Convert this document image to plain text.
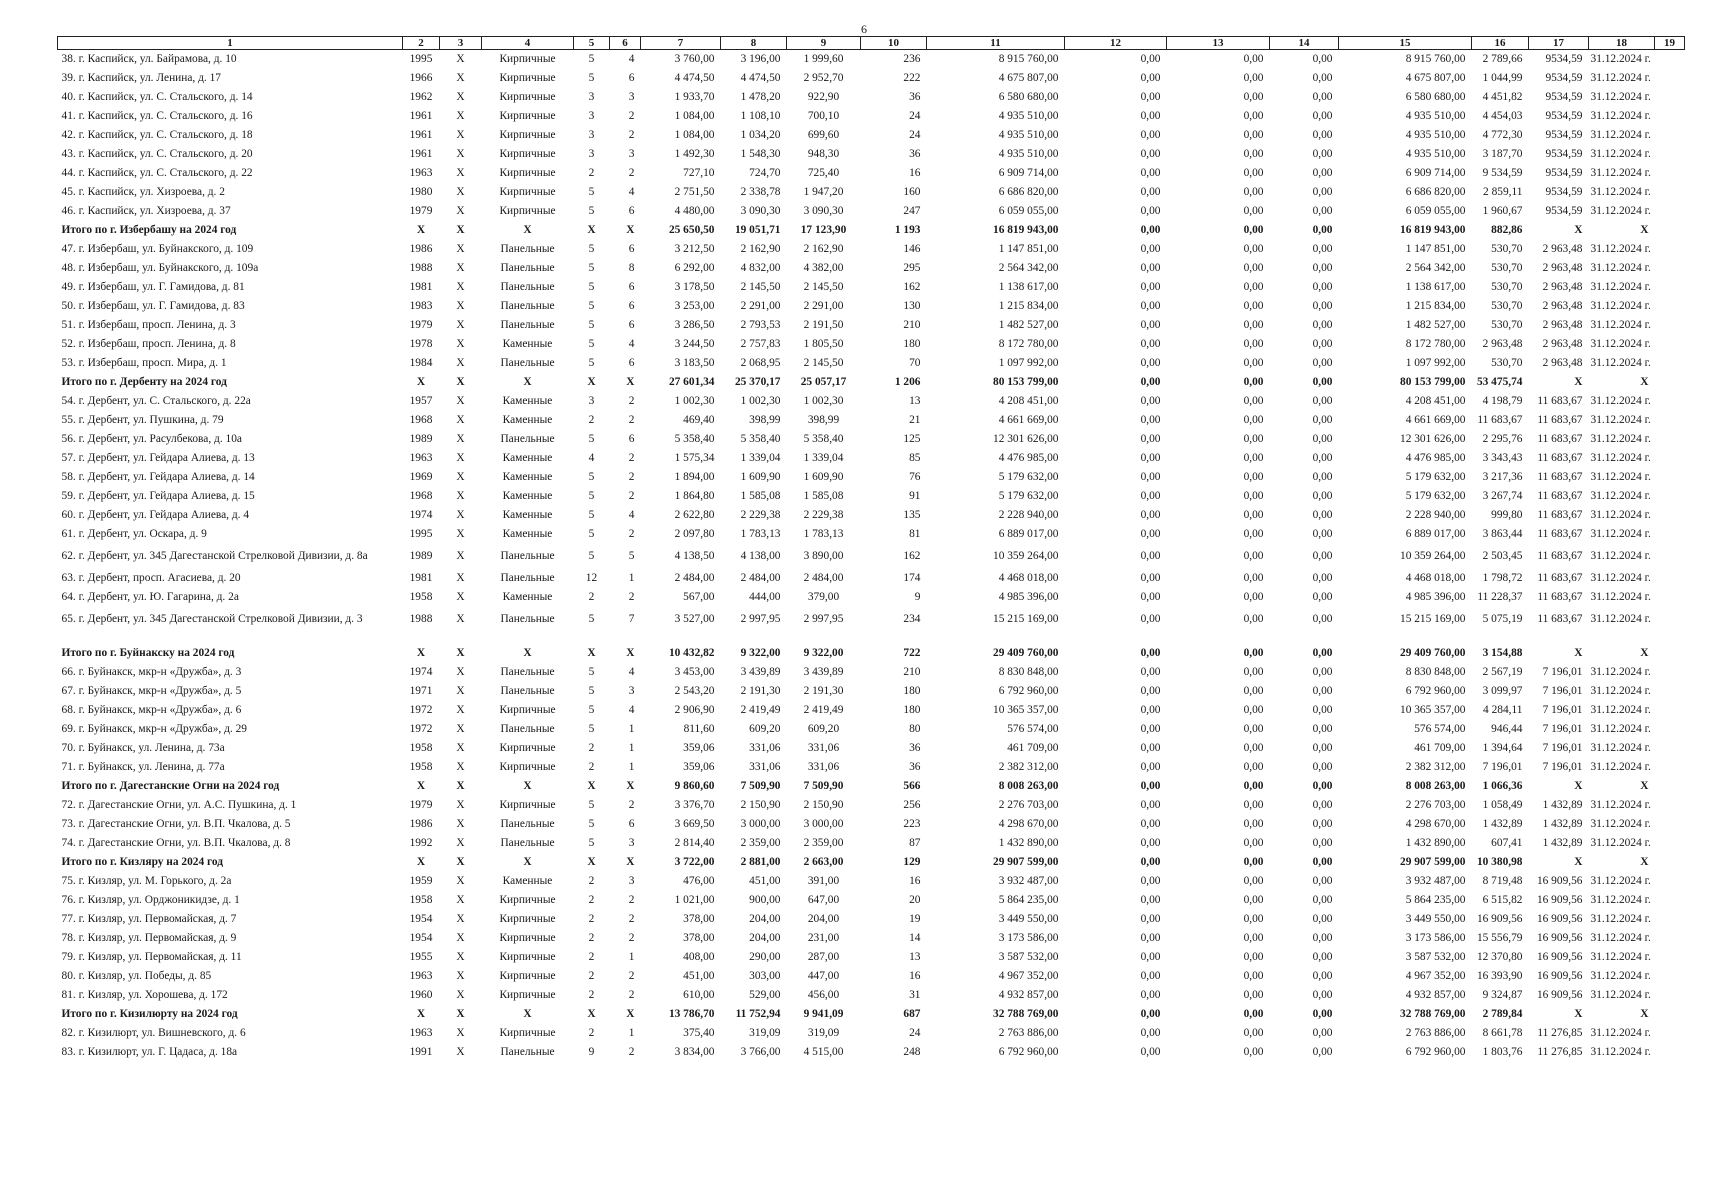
6
1	2	3	4	5	6	7	8	9	10	11	12	13	14	15	16	17	18	19
38. г. Каспийск, ул. Байрамова, д. 10	1995	Х	Кирпичные	5	4	3 760,00	3 196,00	1 999,60	236	8 915 760,00	0,00	0,00	0,00	8 915 760,00	2 789,66	9534,59	31.12.2024 г.	
39. г. Каспийск, ул. Ленина, д. 17	1966	Х	Кирпичные	5	6	4 474,50	4 474,50	2 952,70	222	4 675 807,00	0,00	0,00	0,00	4 675 807,00	1 044,99	9534,59	31.12.2024 г.	
40. г. Каспийск, ул. С. Стальского, д. 14	1962	Х	Кирпичные	3	3	1 933,70	1 478,20	922,90	36	6 580 680,00	0,00	0,00	0,00	6 580 680,00	4 451,82	9534,59	31.12.2024 г.	
41. г. Каспийск, ул. С. Стальского, д. 16	1961	Х	Кирпичные	3	2	1 084,00	1 108,10	700,10	24	4 935 510,00	0,00	0,00	0,00	4 935 510,00	4 454,03	9534,59	31.12.2024 г.	
42. г. Каспийск, ул. С. Стальского, д. 18	1961	Х	Кирпичные	3	2	1 084,00	1 034,20	699,60	24	4 935 510,00	0,00	0,00	0,00	4 935 510,00	4 772,30	9534,59	31.12.2024 г.	
43. г. Каспийск, ул. С. Стальского, д. 20	1961	Х	Кирпичные	3	3	1 492,30	1 548,30	948,30	36	4 935 510,00	0,00	0,00	0,00	4 935 510,00	3 187,70	9534,59	31.12.2024 г.	
44. г. Каспийск, ул. С. Стальского, д. 22	1963	Х	Кирпичные	2	2	727,10	724,70	725,40	16	6 909 714,00	0,00	0,00	0,00	6 909 714,00	9 534,59	9534,59	31.12.2024 г.	
45. г. Каспийск, ул. Хизроева, д. 2	1980	Х	Кирпичные	5	4	2 751,50	2 338,78	1 947,20	160	6 686 820,00	0,00	0,00	0,00	6 686 820,00	2 859,11	9534,59	31.12.2024 г.	
46. г. Каспийск, ул. Хизроева, д. 37	1979	Х	Кирпичные	5	6	4 480,00	3 090,30	3 090,30	247	6 059 055,00	0,00	0,00	0,00	6 059 055,00	1 960,67	9534,59	31.12.2024 г.	
Итого по г. Избербашу на 2024 год	Х	Х	Х	Х	Х	25 650,50	19 051,71	17 123,90	1 193	16 819 943,00	0,00	0,00	0,00	16 819 943,00	882,86	Х	Х	
47. г. Избербаш, ул. Буйнакского, д. 109	1986	Х	Панельные	5	6	3 212,50	2 162,90	2 162,90	146	1 147 851,00	0,00	0,00	0,00	1 147 851,00	530,70	2 963,48	31.12.2024 г.	
48. г. Избербаш, ул. Буйнакского, д. 109а	1988	Х	Панельные	5	8	6 292,00	4 832,00	4 382,00	295	2 564 342,00	0,00	0,00	0,00	2 564 342,00	530,70	2 963,48	31.12.2024 г.	
49. г. Избербаш, ул. Г. Гамидова, д. 81	1981	Х	Панельные	5	6	3 178,50	2 145,50	2 145,50	162	1 138 617,00	0,00	0,00	0,00	1 138 617,00	530,70	2 963,48	31.12.2024 г.	
50. г. Избербаш, ул. Г. Гамидова, д. 83	1983	Х	Панельные	5	6	3 253,00	2 291,00	2 291,00	130	1 215 834,00	0,00	0,00	0,00	1 215 834,00	530,70	2 963,48	31.12.2024 г.	
51. г. Избербаш, просп. Ленина, д. 3	1979	Х	Панельные	5	6	3 286,50	2 793,53	2 191,50	210	1 482 527,00	0,00	0,00	0,00	1 482 527,00	530,70	2 963,48	31.12.2024 г.	
52. г. Избербаш, просп. Ленина, д. 8	1978	Х	Каменные	5	4	3 244,50	2 757,83	1 805,50	180	8 172 780,00	0,00	0,00	0,00	8 172 780,00	2 963,48	2 963,48	31.12.2024 г.	
53. г. Избербаш, просп. Мира, д. 1	1984	Х	Панельные	5	6	3 183,50	2 068,95	2 145,50	70	1 097 992,00	0,00	0,00	0,00	1 097 992,00	530,70	2 963,48	31.12.2024 г.	
Итого по г. Дербенту на 2024 год	Х	Х	Х	Х	Х	27 601,34	25 370,17	25 057,17	1 206	80 153 799,00	0,00	0,00	0,00	80 153 799,00	53 475,74	Х	Х	
54. г. Дербент, ул. С. Стальского, д. 22а	1957	Х	Каменные	3	2	1 002,30	1 002,30	1 002,30	13	4 208 451,00	0,00	0,00	0,00	4 208 451,00	4 198,79	11 683,67	31.12.2024 г.	
55. г. Дербент, ул. Пушкина, д. 79	1968	Х	Каменные	2	2	469,40	398,99	398,99	21	4 661 669,00	0,00	0,00	0,00	4 661 669,00	11 683,67	11 683,67	31.12.2024 г.	
56. г. Дербент, ул. Расулбекова, д. 10а	1989	Х	Панельные	5	6	5 358,40	5 358,40	5 358,40	125	12 301 626,00	0,00	0,00	0,00	12 301 626,00	2 295,76	11 683,67	31.12.2024 г.	
57. г. Дербент, ул. Гейдара Алиева, д. 13	1963	Х	Каменные	4	2	1 575,34	1 339,04	1 339,04	85	4 476 985,00	0,00	0,00	0,00	4 476 985,00	3 343,43	11 683,67	31.12.2024 г.	
58. г. Дербент, ул. Гейдара Алиева, д. 14	1969	Х	Каменные	5	2	1 894,00	1 609,90	1 609,90	76	5 179 632,00	0,00	0,00	0,00	5 179 632,00	3 217,36	11 683,67	31.12.2024 г.	
59. г. Дербент, ул. Гейдара Алиева, д. 15	1968	Х	Каменные	5	2	1 864,80	1 585,08	1 585,08	91	5 179 632,00	0,00	0,00	0,00	5 179 632,00	3 267,74	11 683,67	31.12.2024 г.	
60. г. Дербент, ул. Гейдара Алиева, д. 4	1974	Х	Каменные	5	4	2 622,80	2 229,38	2 229,38	135	2 228 940,00	0,00	0,00	0,00	2 228 940,00	999,80	11 683,67	31.12.2024 г.	
61. г. Дербент, ул. Оскара, д. 9	1995	Х	Каменные	5	2	2 097,80	1 783,13	1 783,13	81	6 889 017,00	0,00	0,00	0,00	6 889 017,00	3 863,44	11 683,67	31.12.2024 г.	
62. г. Дербент, ул. 345 Дагестанской Стрелковой Дивизии, д. 8а	1989	Х	Панельные	5	5	4 138,50	4 138,00	3 890,00	162	10 359 264,00	0,00	0,00	0,00	10 359 264,00	2 503,45	11 683,67	31.12.2024 г.	
63. г. Дербент, просп. Агасиева, д. 20	1981	Х	Панельные	12	1	2 484,00	2 484,00	2 484,00	174	4 468 018,00	0,00	0,00	0,00	4 468 018,00	1 798,72	11 683,67	31.12.2024 г.	
64. г. Дербент, ул. Ю. Гагарина, д. 2а	1958	Х	Каменные	2	2	567,00	444,00	379,00	9	4 985 396,00	0,00	0,00	0,00	4 985 396,00	11 228,37	11 683,67	31.12.2024 г.	
65. г. Дербент, ул. 345 Дагестанской Стрелковой Дивизии, д. 3	1988	Х	Панельные	5	7	3 527,00	2 997,95	2 997,95	234	15 215 169,00	0,00	0,00	0,00	15 215 169,00	5 075,19	11 683,67	31.12.2024 г.	

Итого по г. Буйнакску на 2024 год	Х	Х	Х	Х	Х	10 432,82	9 322,00	9 322,00	722	29 409 760,00	0,00	0,00	0,00	29 409 760,00	3 154,88	Х	Х	
66. г. Буйнакск, мкр-н «Дружба», д. 3	1974	Х	Панельные	5	4	3 453,00	3 439,89	3 439,89	210	8 830 848,00	0,00	0,00	0,00	8 830 848,00	2 567,19	7 196,01	31.12.2024 г.	
67. г. Буйнакск, мкр-н «Дружба», д. 5	1971	Х	Панельные	5	3	2 543,20	2 191,30	2 191,30	180	6 792 960,00	0,00	0,00	0,00	6 792 960,00	3 099,97	7 196,01	31.12.2024 г.	
68. г. Буйнакск, мкр-н «Дружба», д. 6	1972	Х	Кирпичные	5	4	2 906,90	2 419,49	2 419,49	180	10 365 357,00	0,00	0,00	0,00	10 365 357,00	4 284,11	7 196,01	31.12.2024 г.	
69. г. Буйнакск, мкр-н «Дружба», д. 29	1972	Х	Панельные	5	1	811,60	609,20	609,20	80	576 574,00	0,00	0,00	0,00	576 574,00	946,44	7 196,01	31.12.2024 г.	
70. г. Буйнакск, ул. Ленина, д. 73а	1958	Х	Кирпичные	2	1	359,06	331,06	331,06	36	461 709,00	0,00	0,00	0,00	461 709,00	1 394,64	7 196,01	31.12.2024 г.	
71. г. Буйнакск, ул. Ленина, д. 77а	1958	Х	Кирпичные	2	1	359,06	331,06	331,06	36	2 382 312,00	0,00	0,00	0,00	2 382 312,00	7 196,01	7 196,01	31.12.2024 г.	
Итого по г. Дагестанские Огни на 2024 год	Х	Х	Х	Х	Х	9 860,60	7 509,90	7 509,90	566	8 008 263,00	0,00	0,00	0,00	8 008 263,00	1 066,36	Х	Х	
72. г. Дагестанские Огни, ул. А.С. Пушкина, д. 1	1979	Х	Кирпичные	5	2	3 376,70	2 150,90	2 150,90	256	2 276 703,00	0,00	0,00	0,00	2 276 703,00	1 058,49	1 432,89	31.12.2024 г.	
73. г. Дагестанские Огни, ул. В.П. Чкалова, д. 5	1986	Х	Панельные	5	6	3 669,50	3 000,00	3 000,00	223	4 298 670,00	0,00	0,00	0,00	4 298 670,00	1 432,89	1 432,89	31.12.2024 г.	
74. г. Дагестанские Огни, ул. В.П. Чкалова, д. 8	1992	Х	Панельные	5	3	2 814,40	2 359,00	2 359,00	87	1 432 890,00	0,00	0,00	0,00	1 432 890,00	607,41	1 432,89	31.12.2024 г.	
Итого по г. Кизляру на 2024 год	Х	Х	Х	Х	Х	3 722,00	2 881,00	2 663,00	129	29 907 599,00	0,00	0,00	0,00	29 907 599,00	10 380,98	Х	Х	
75. г. Кизляр, ул. М. Горького, д. 2а	1959	Х	Каменные	2	3	476,00	451,00	391,00	16	3 932 487,00	0,00	0,00	0,00	3 932 487,00	8 719,48	16 909,56	31.12.2024 г.	
76. г. Кизляр, ул. Орджоникидзе, д. 1	1958	Х	Кирпичные	2	2	1 021,00	900,00	647,00	20	5 864 235,00	0,00	0,00	0,00	5 864 235,00	6 515,82	16 909,56	31.12.2024 г.	
77. г. Кизляр, ул. Первомайская, д. 7	1954	Х	Кирпичные	2	2	378,00	204,00	204,00	19	3 449 550,00	0,00	0,00	0,00	3 449 550,00	16 909,56	16 909,56	31.12.2024 г.	
78. г. Кизляр, ул. Первомайская, д. 9	1954	Х	Кирпичные	2	2	378,00	204,00	231,00	14	3 173 586,00	0,00	0,00	0,00	3 173 586,00	15 556,79	16 909,56	31.12.2024 г.	
79. г. Кизляр, ул. Первомайская, д. 11	1955	Х	Кирпичные	2	1	408,00	290,00	287,00	13	3 587 532,00	0,00	0,00	0,00	3 587 532,00	12 370,80	16 909,56	31.12.2024 г.	
80. г. Кизляр, ул. Победы, д. 85	1963	Х	Кирпичные	2	2	451,00	303,00	447,00	16	4 967 352,00	0,00	0,00	0,00	4 967 352,00	16 393,90	16 909,56	31.12.2024 г.	
81. г. Кизляр, ул. Хорошева, д. 172	1960	Х	Кирпичные	2	2	610,00	529,00	456,00	31	4 932 857,00	0,00	0,00	0,00	4 932 857,00	9 324,87	16 909,56	31.12.2024 г.	
Итого по г. Кизилюрту на 2024 год	Х	Х	Х	Х	Х	13 786,70	11 752,94	9 941,09	687	32 788 769,00	0,00	0,00	0,00	32 788 769,00	2 789,84	Х	Х	
82. г. Кизилюрт, ул. Вишневского, д. 6	1963	Х	Кирпичные	2	1	375,40	319,09	319,09	24	2 763 886,00	0,00	0,00	0,00	2 763 886,00	8 661,78	11 276,85	31.12.2024 г.	
83. г. Кизилюрт, ул. Г. Цадаса, д. 18а	1991	Х	Панельные	9	2	3 834,00	3 766,00	4 515,00	248	6 792 960,00	0,00	0,00	0,00	6 792 960,00	1 803,76	11 276,85	31.12.2024 г.	
